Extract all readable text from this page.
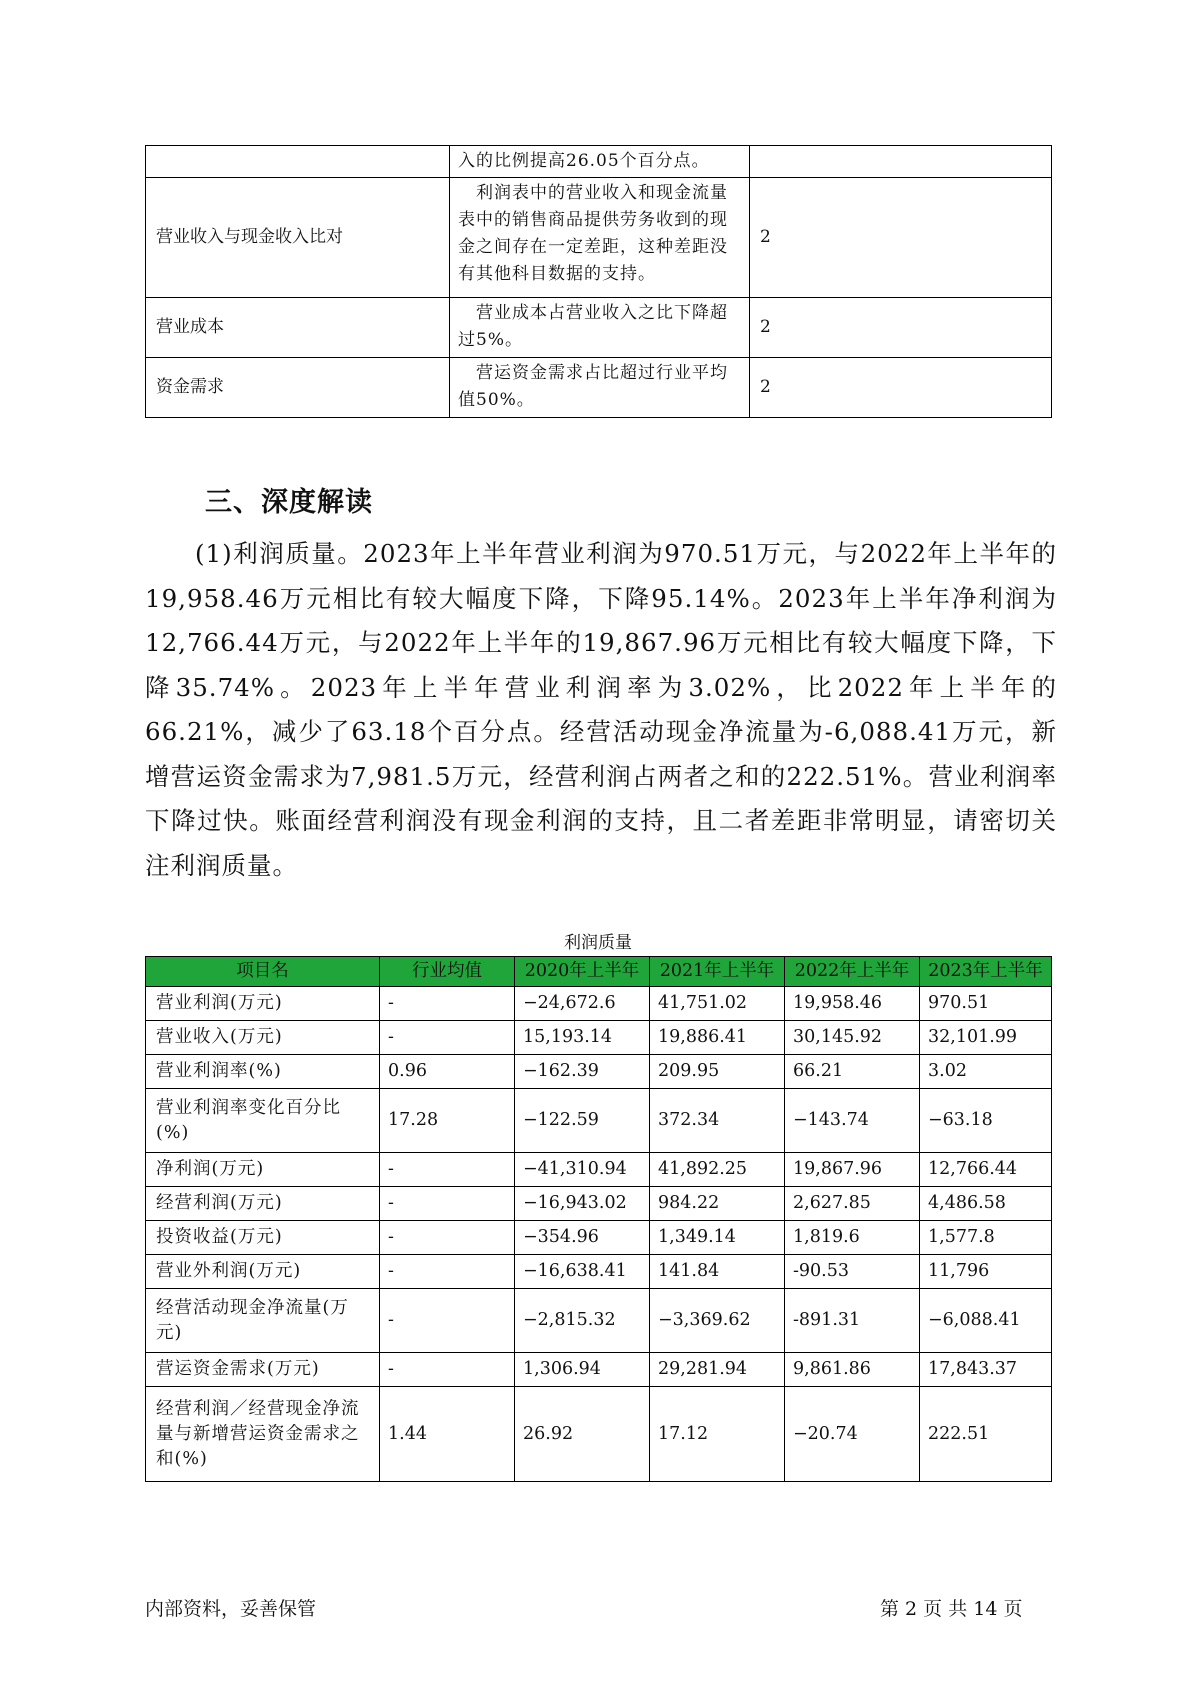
	入的比例提高26.05个百分点。	
营业收入与现金收入比对	利润表中的营业收入和现金流量表中的销售商品提供劳务收到的现金之间存在一定差距，这种差距没有其他科目数据的支持。	2
营业成本	营业成本占营业收入之比下降超过5%。	2
资金需求	营运资金需求占比超过行业平均值50%。	2
三、深度解读
(1)利润质量。2023年上半年营业利润为970.51万元，与2022年上半年的19,958.46万元相比有较大幅度下降，下降95.14%。2023年上半年净利润为12,766.44万元，与2022年上半年的19,867.96万元相比有较大幅度下降，下降35.74%。2023年上半年营业利润率为3.02%，比2022年上半年的66.21%，减少了63.18个百分点。经营活动现金净流量为-6,088.41万元，新增营运资金需求为7,981.5万元，经营利润占两者之和的222.51%。营业利润率下降过快。账面经营利润没有现金利润的支持，且二者差距非常明显，请密切关注利润质量。
利润质量
项目名	行业均值	2020年上半年	2021年上半年	2022年上半年	2023年上半年
营业利润(万元)	-	−24,672.6	41,751.02	19,958.46	970.51
营业收入(万元)	-	15,193.14	19,886.41	30,145.92	32,101.99
营业利润率(%)	0.96	−162.39	209.95	66.21	3.02
营业利润率变化百分比(%)	17.28	−122.59	372.34	−143.74	−63.18
净利润(万元)	-	−41,310.94	41,892.25	19,867.96	12,766.44
经营利润(万元)	-	−16,943.02	984.22	2,627.85	4,486.58
投资收益(万元)	-	−354.96	1,349.14	1,819.6	1,577.8
营业外利润(万元)	-	−16,638.41	141.84	-90.53	11,796
经营活动现金净流量(万元)	-	−2,815.32	−3,369.62	-891.31	−6,088.41
营运资金需求(万元)	-	1,306.94	29,281.94	9,861.86	17,843.37
经营利润／经营现金净流量与新增营运资金需求之和(%)	1.44	26.92	17.12	−20.74	222.51
内部资料，妥善保管	第 2 页 共 14 页
